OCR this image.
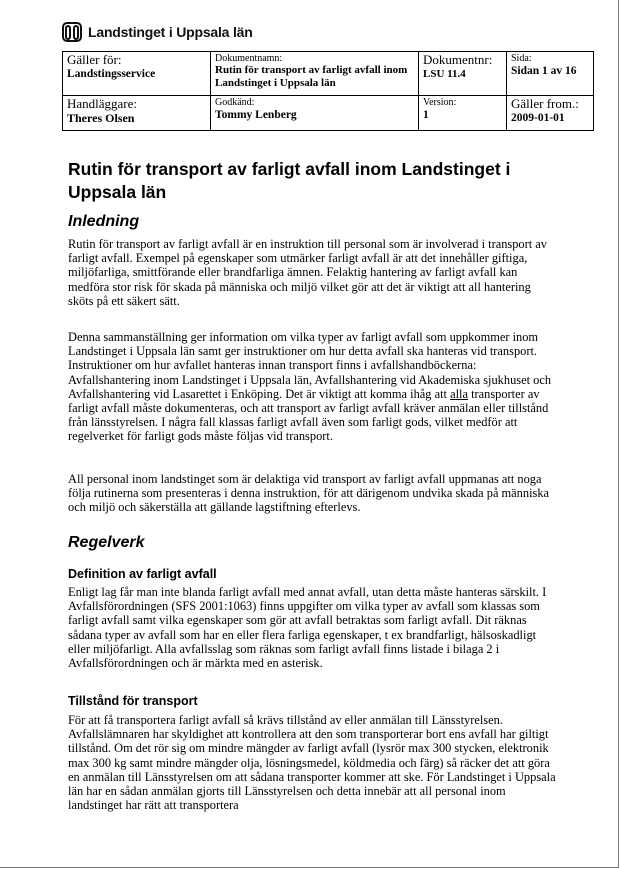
Landstinget i Uppsala län
Gäller för:
Landstingsservice
Dokumentnamn:
Rutin för transport av farligt avfall inom Landstinget i Uppsala län
Dokumentnr:
LSU 11.4
Sida:
Sidan 1 av 16
Handläggare:
Theres Olsen
Godkänd:
Tommy Lenberg
Version:
1
Gäller from.:
2009-01-01
Rutin för transport av farligt avfall inom Landstinget i Uppsala län
Inledning

Rutin för transport av farligt avfall är en instruktion till personal som är involverad i transport av farligt avfall. Exempel på egenskaper som utmärker farligt avfall är att det innehåller giftiga, miljöfarliga, smittförande eller brandfarliga ämnen. Felaktig hantering av farligt avfall kan medföra stor risk för skada på människa och miljö vilket gör att det är viktigt att all hantering sköts på ett säkert sätt.

Denna sammanställning ger information om vilka typer av farligt avfall som uppkommer inom Landstinget i Uppsala län samt ger instruktioner om hur detta avfall ska hanteras vid transport. Instruktioner om hur avfallet hanteras innan transport finns i avfallshandböckerna: Avfallshantering inom Landstinget i Uppsala län, Avfallshantering vid Akademiska sjukhuset och Avfallshantering vid Lasarettet i Enköping. Det är viktigt att komma ihåg att alla transporter av farligt avfall måste dokumenteras, och att transport av farligt avfall kräver anmälan eller tillstånd från länsstyrelsen. I några fall klassas farligt avfall även som farligt gods, vilket medför att regelverket för farligt gods måste följas vid transport.

All personal inom landstinget som är delaktiga vid transport av farligt avfall uppmanas att noga följa rutinerna som presenteras i denna instruktion, för att därigenom undvika skada på människa och miljö och säkerställa att gällande lagstiftning efterlevs.

Regelverk
Definition av farligt avfall

Enligt lag får man inte blanda farligt avfall med annat avfall, utan detta måste hanteras särskilt. I Avfallsförordningen (SFS 2001:1063) finns uppgifter om vilka typer av avfall som klassas som farligt avfall samt vilka egenskaper som gör att avfall betraktas som farligt avfall. Dit räknas sådana typer av avfall som har en eller flera farliga egenskaper, t ex brandfarligt, hälsoskadligt eller miljöfarligt. Alla avfallsslag som räknas som farligt avfall finns listade i bilaga 2 i Avfallsförordningen och är märkta med en asterisk.

Tillstånd för transport

För att få transportera farligt avfall så krävs tillstånd av eller anmälan till Länsstyrelsen. Avfallslämnaren har skyldighet att kontrollera att den som transporterar bort ens avfall har giltigt tillstånd. Om det rör sig om mindre mängder av farligt avfall (lysrör max 300 stycken, elektronik max 300 kg samt mindre mängder olja, lösningsmedel, köldmedia och färg) så räcker det att göra en anmälan till Länsstyrelsen om att sådana transporter kommer att ske. För Landstinget i Uppsala län har en sådan anmälan gjorts till Länsstyrelsen och detta innebär att all personal inom landstinget har rätt att transportera
